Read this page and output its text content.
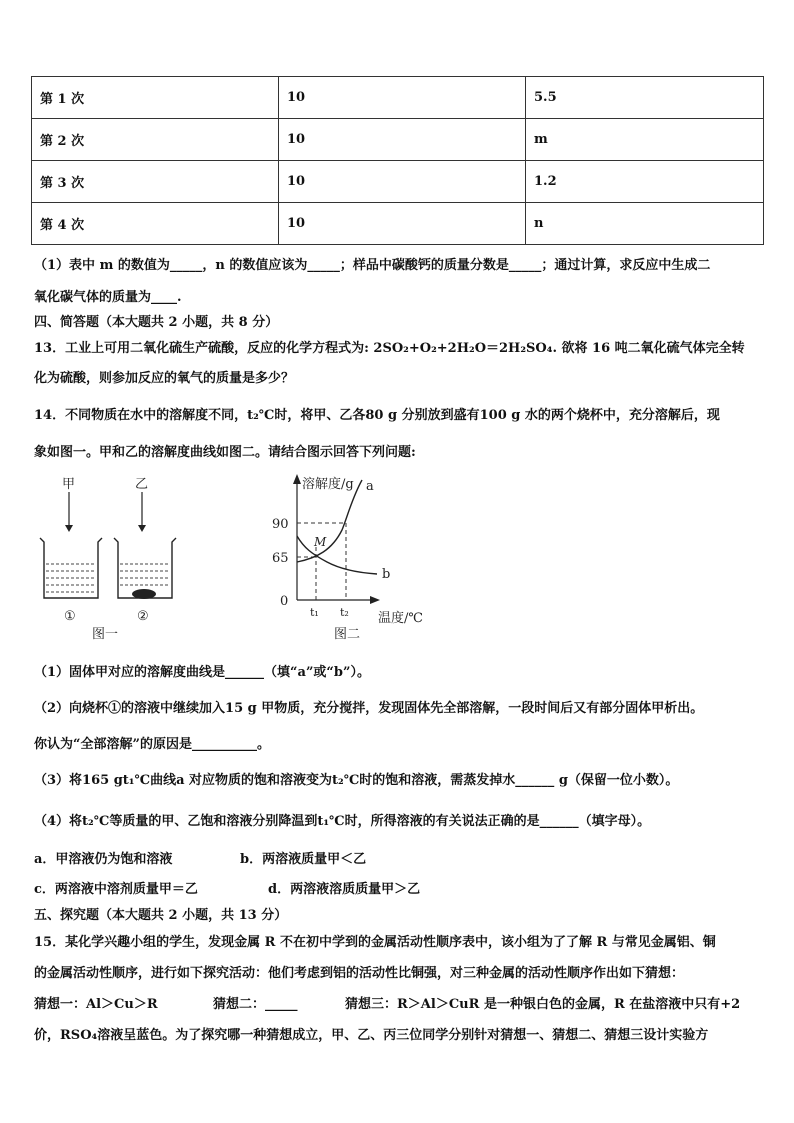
第 1 次	10	5.5
第 2 次	10	m
第 3 次	10	1.2
第 4 次	10	n
（1）表中 m 的数值为_____，n 的数值应该为_____；样品中碳酸钙的质量分数是_____；通过计算，求反应中生成二
氧化碳气体的质量为____.
四、简答题（本大题共 2 小题，共 8 分）
13．工业上可用二氧化硫生产硫酸，反应的化学方程式为: 2SO₂+O₂+2H₂O＝2H₂SO₄. 欲将 16 吨二氧化硫气体完全转
化为硫酸，则参加反应的氧气的质量是多少？
14．不同物质在水中的溶解度不同，t₂℃时，将甲、乙各80 g 分别放到盛有100 g 水的两个烧杯中，充分溶解后，现
象如图一。甲和乙的溶解度曲线如图二。请结合图示回答下列问题:
甲
①
乙
②
图一
溶解度/g
温度/℃
90
65
0
a
b
M
t₁ t₂
图二
（1）固体甲对应的溶解度曲线是______（填“a”或“b”）。
（2）向烧杯①的溶液中继续加入15 g 甲物质，充分搅拌，发现固体先全部溶解，一段时间后又有部分固体甲析出。
你认为“全部溶解”的原因是__________。
（3）将165 gt₁℃曲线a 对应物质的饱和溶液变为t₂℃时的饱和溶液，需蒸发掉水______ g（保留一位小数）。
（4）将t₂℃等质量的甲、乙饱和溶液分别降温到t₁℃时，所得溶液的有关说法正确的是______（填字母）。
a．甲溶液仍为饱和溶液	b．两溶液质量甲＜乙
c．两溶液中溶剂质量甲＝乙	d．两溶液溶质质量甲＞乙
五、探究题（本大题共 2 小题，共 13 分）
15．某化学兴趣小组的学生，发现金属 R 不在初中学到的金属活动性顺序表中，该小组为了了解 R 与常见金属铝、铜
的金属活动性顺序，进行如下探究活动：他们考虑到铝的活动性比铜强，对三种金属的活动性顺序作出如下猜想：
猜想一：Al＞Cu＞R	猜想二：_____	猜想三：R＞Al＞CuR 是一种银白色的金属，R 在盐溶液中只有+2
价，RSO₄溶液呈蓝色。为了探究哪一种猜想成立，甲、乙、丙三位同学分别针对猜想一、猜想二、猜想三设计实验方
